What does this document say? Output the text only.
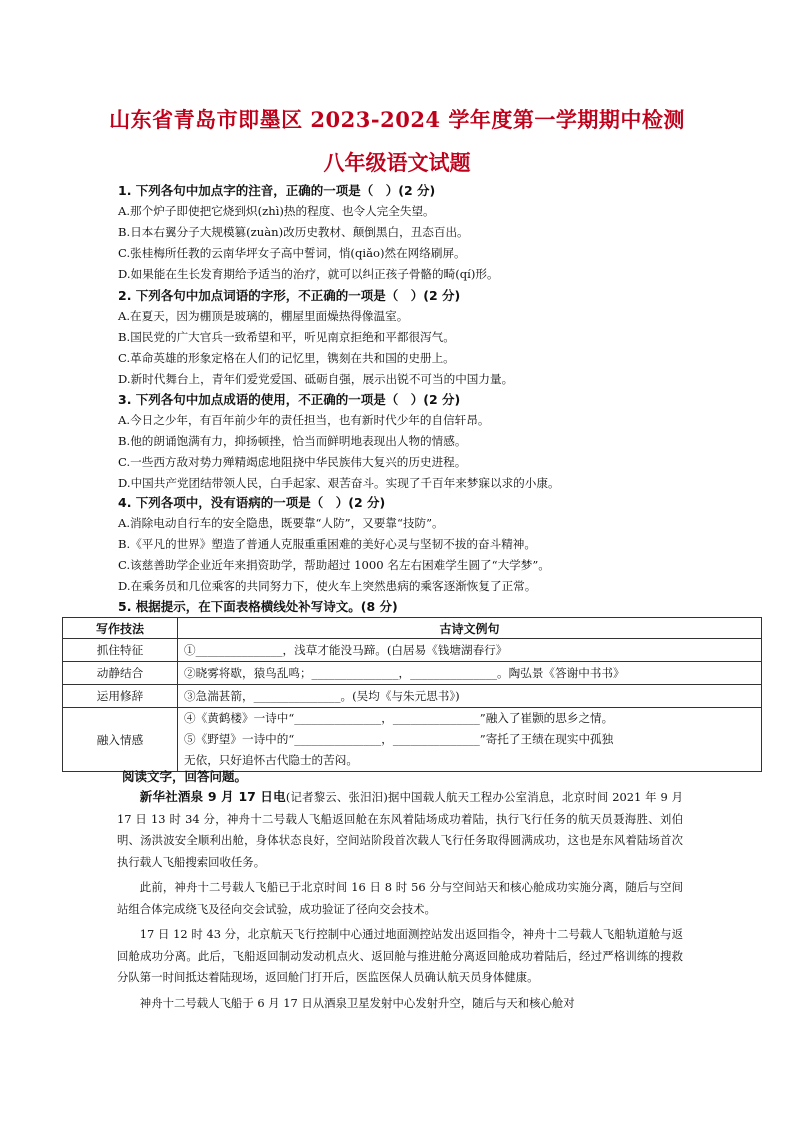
山东省青岛市即墨区 2023-2024 学年度第一学期期中检测
八年级语文试题
1. 下列各句中加点字的注音，正确的一项是（　）(2 分)
A.那个炉子即使把它烧到炽(zhì)热的程度、也令人完全失望。
B.日本右翼分子大规模篡(zuàn)改历史教材、颠倒黑白，丑态百出。
C.张桂梅所任教的云南华坪女子高中誓词，悄(qiǎo)然在网络刷屏。
D.如果能在生长发育期给予适当的治疗，就可以纠正孩子骨骼的畸(qí)形。
2. 下列各句中加点词语的字形，不正确的一项是（　）(2 分)
A.在夏天，因为棚顶是玻璃的，棚屋里面燥热得像温室。
B.国民党的广大官兵一致希望和平，听见南京拒绝和平都很泻气。
C.革命英雄的形象定格在人们的记忆里，镌刻在共和国的史册上。
D.新时代舞台上，青年们爱党爱国、砥砺自强，展示出锐不可当的中国力量。
3. 下列各句中加点成语的使用，不正确的一项是（　）(2 分)
A.今日之少年，有百年前少年的责任担当，也有新时代少年的自信轩昂。
B.他的朗诵饱满有力，抑扬顿挫，恰当而鲜明地表现出人物的情感。
C.一些西方敌对势力殚精竭虑地阻挠中华民族伟大复兴的历史进程。
D.中国共产党团结带领人民，白手起家、艰苦奋斗。实现了千百年来梦寐以求的小康。
4. 下列各项中，没有语病的一项是（　）(2 分)
A.消除电动自行车的安全隐患，既要靠“人防”，又要靠“技防”。
B.《平凡的世界》塑造了普通人克服重重困难的美好心灵与坚韧不拔的奋斗精神。
C.该慈善助学企业近年来捐资助学，帮助超过 1000 名左右困难学生圆了“大学梦”。
D.在乘务员和几位乘客的共同努力下，使火车上突然患病的乘客逐渐恢复了正常。
5. 根据提示，在下面表格横线处补写诗文。(8 分)
写作技法	古诗文例句
抓住特征	①_______________，浅草才能没马蹄。(白居易《钱塘湖春行》
动静结合	②晓雾将歇，猿鸟乱鸣；_______________，_______________。陶弘景《答谢中书书》
运用修辞	③急湍甚箭，_______________。(吴均《与朱元思书》)
融入情感	④《黄鹤楼》一诗中“_______________，_______________”融入了崔颢的思乡之情。
⑤《野望》一诗中的“_______________，_______________”寄托了王绩在现实中孤独
无依，只好追怀古代隐士的苦闷。
阅读文字，回答问题。

新华社酒泉 9 月 17 日电(记者黎云、张汨汨)据中国载人航天工程办公室消息，北京时间 2021 年 9 月 17 日 13 时 34 分，神舟十二号载人飞船返回舱在东风着陆场成功着陆，执行飞行任务的航天员聂海胜、刘伯明、汤洪波安全顺利出舱，身体状态良好，空间站阶段首次载人飞行任务取得圆满成功，这也是东风着陆场首次执行载人飞船搜索回收任务。

此前，神舟十二号载人飞船已于北京时间 16 日 8 时 56 分与空间站天和核心舱成功实施分离，随后与空间站组合体完成绕飞及径向交会试验，成功验证了径向交会技术。

17 日 12 时 43 分，北京航天飞行控制中心通过地面测控站发出返回指令，神舟十二号载人飞船轨道舱与返回舱成功分离。此后，飞船返回制动发动机点火、返回舱与推进舱分离返回舱成功着陆后，经过严格训练的搜救分队第一时间抵达着陆现场，返回舱门打开后，医监医保人员确认航天员身体健康。

神舟十二号载人飞船于 6 月 17 日从酒泉卫星发射中心发射升空，随后与天和核心舱对
